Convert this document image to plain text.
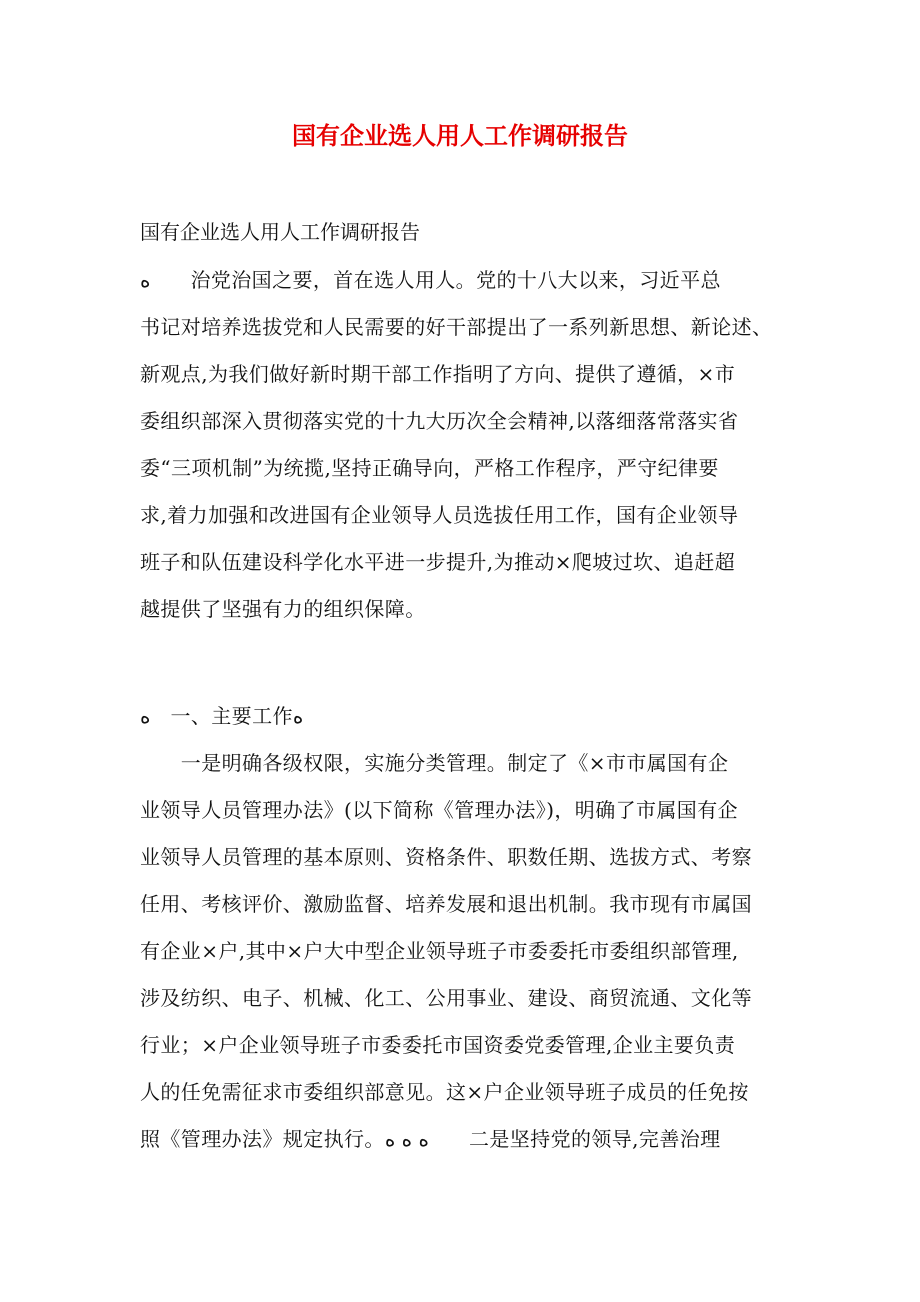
国有企业选人用人工作调研报告
国有企业选人用人工作调研报告
ﻩ　　治党治国之要，首在选人用人。党的十八大以来，习近平总
书记对培养选拔党和人民需要的好干部提出了一系列新思想、新论述、
新观点,为我们做好新时期干部工作指明了方向、提供了遵循，×市
委组织部深入贯彻落实党的十九大历次全会精神,以落细落常落实省
委“三项机制”为统揽,坚持正确导向，严格工作程序，严守纪律要
求,着力加强和改进国有企业领导人员选拔任用工作，国有企业领导
班子和队伍建设科学化水平进一步提升,为推动×爬坡过坎、追赶超
越提供了坚强有力的组织保障。
ﻩ　一、主要工作ﻩ
　　一是明确各级权限，实施分类管理。制定了《×市市属国有企
业领导人员管理办法》(以下简称《管理办法》)，明确了市属国有企
业领导人员管理的基本原则、资格条件、职数任期、选拔方式、考察
任用、考核评价、激励监督、培养发展和退出机制。我市现有市属国
有企业×户,其中×户大中型企业领导班子市委委托市委组织部管理,
涉及纺织、电子、机械、化工、公用事业、建设、商贸流通、文化等
行业；×户企业领导班子市委委托市国资委党委管理,企业主要负责
人的任免需征求市委组织部意见。这×户企业领导班子成员的任免按
照《管理办法》规定执行。ﻩ ﻩ ﻩ　　二是坚持党的领导,完善治理
